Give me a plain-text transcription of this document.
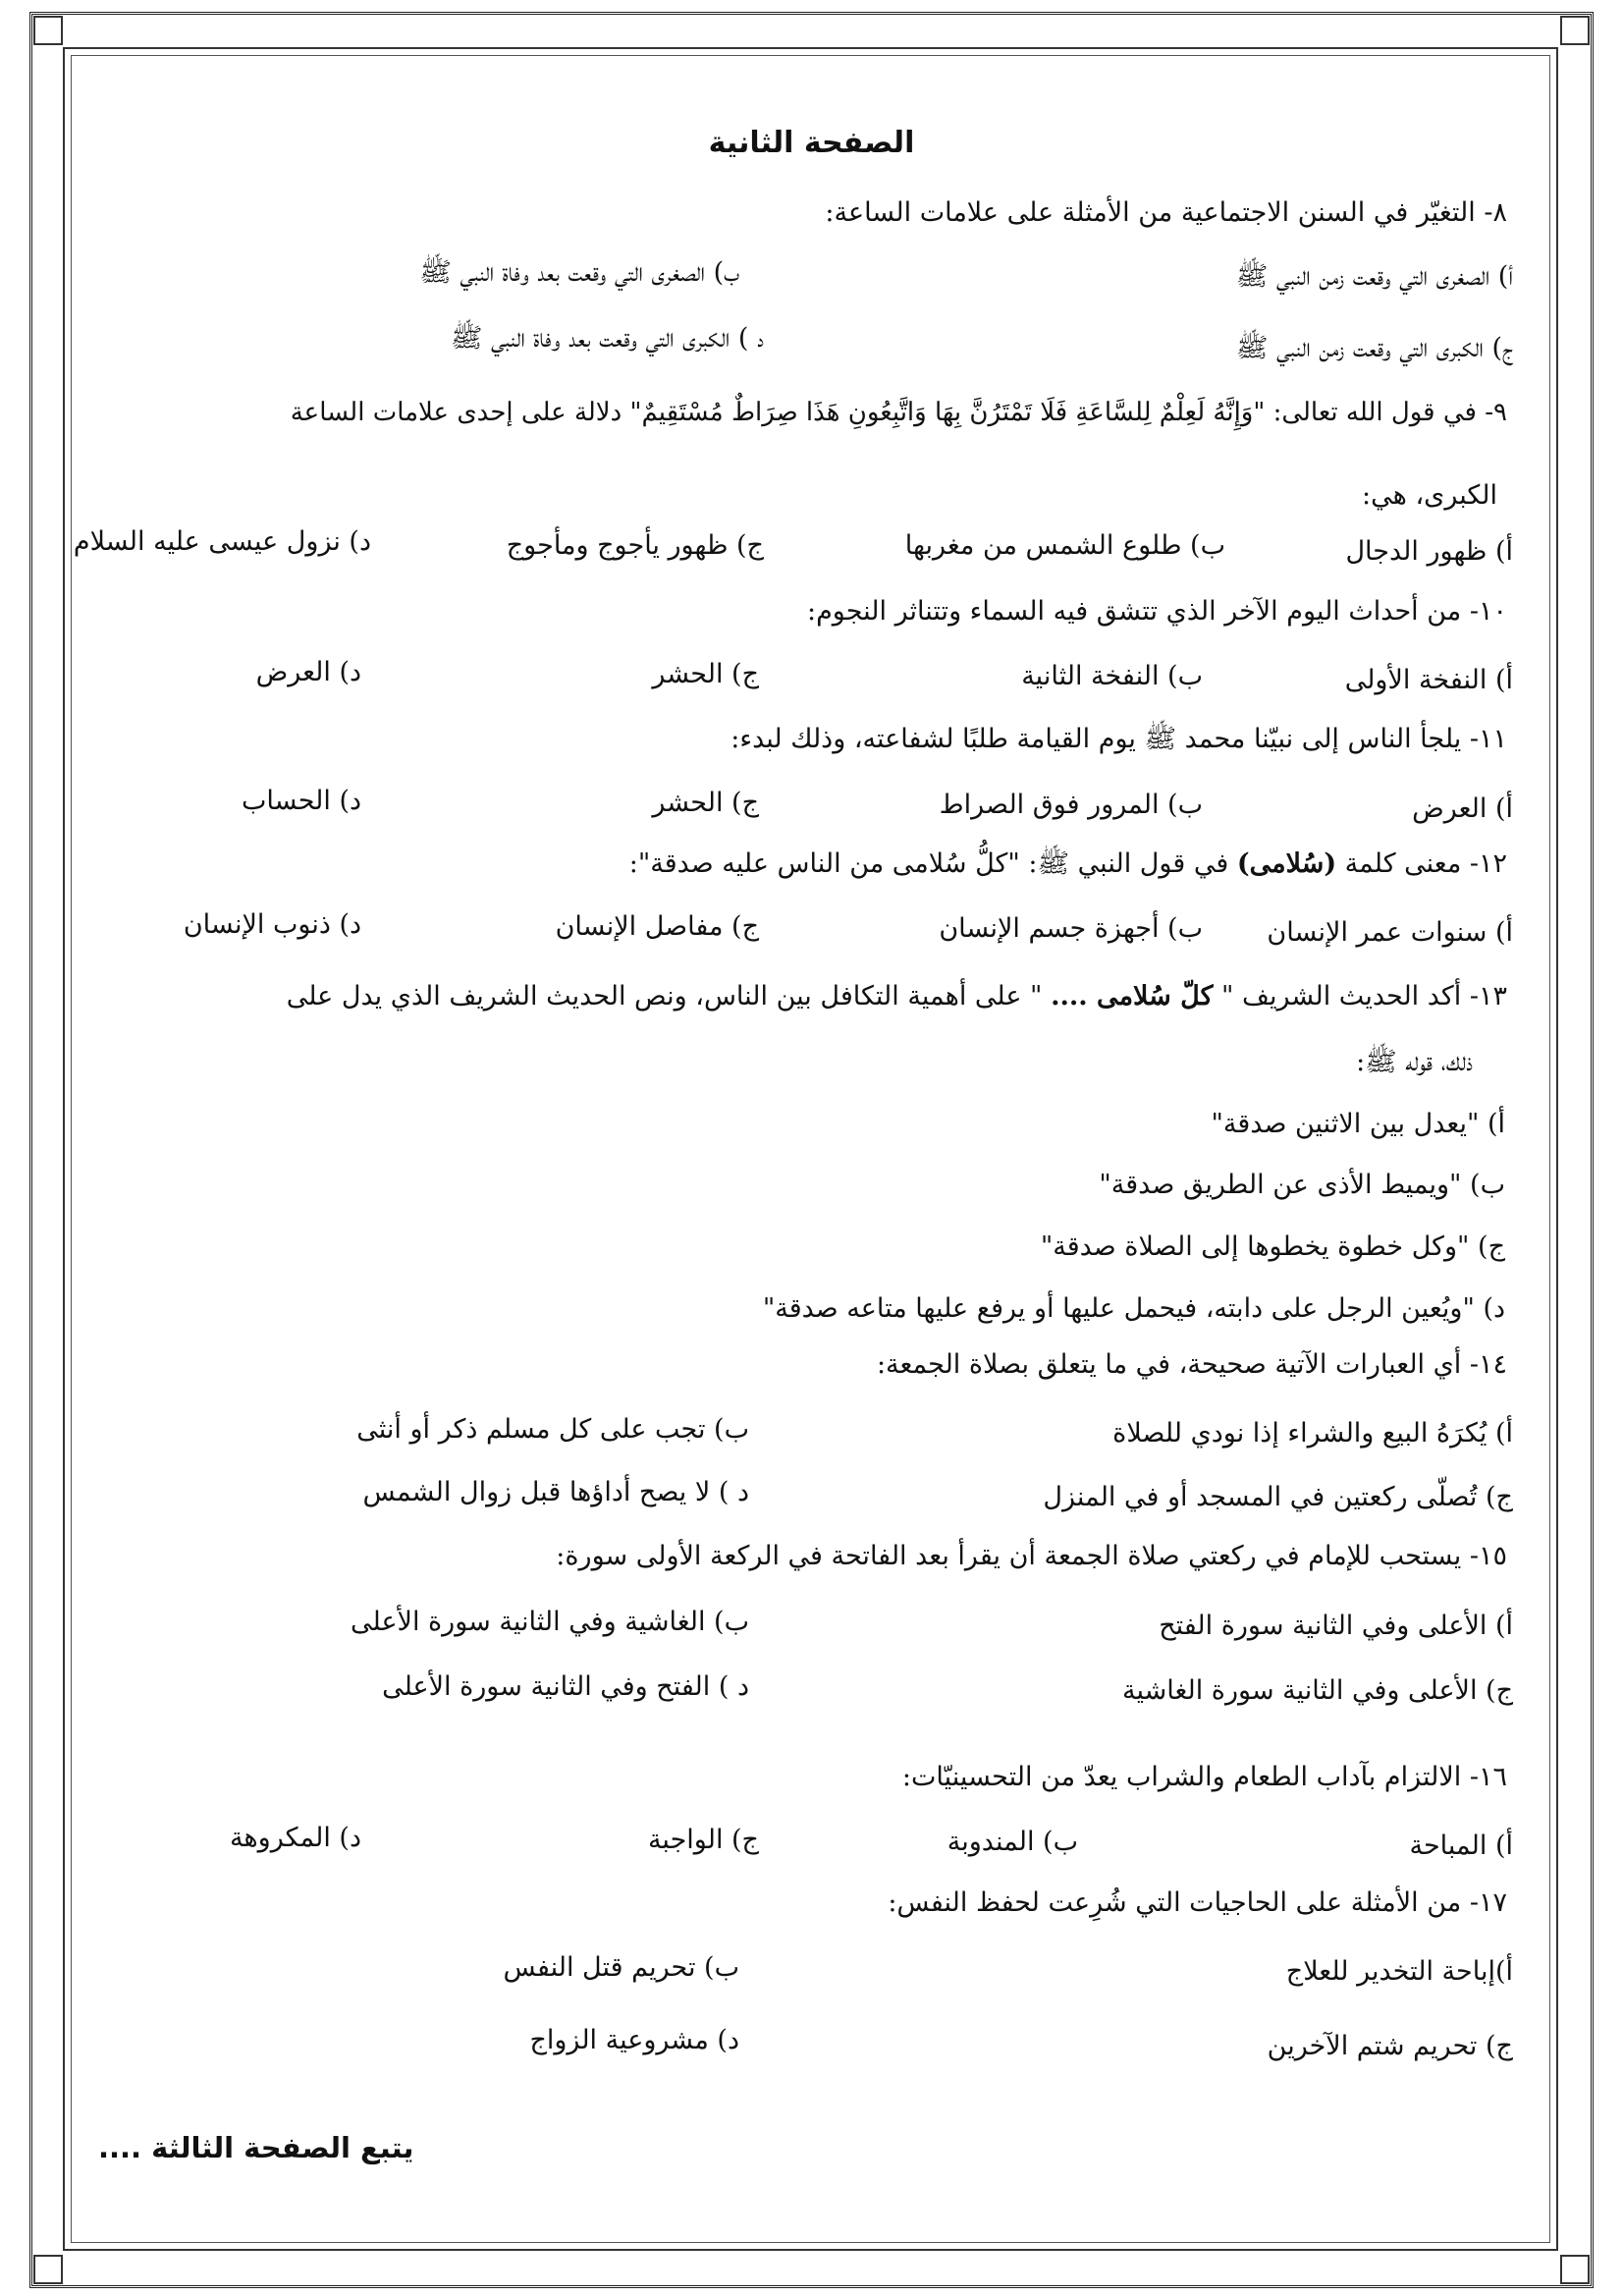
الصفحة الثانية
٨- التغيّر في السنن الاجتماعية من الأمثلة على علامات الساعة:
أ) الصغرى التي وقعت زمن النبي ﷺ
ب) الصغرى التي وقعت بعد وفاة النبي ﷺ
ج) الكبرى التي وقعت زمن النبي ﷺ
د ) الكبرى التي وقعت بعد وفاة النبي ﷺ
٩- في قول الله تعالى: "وَإِنَّهُ لَعِلْمٌ لِلسَّاعَةِ فَلَا تَمْتَرُنَّ بِهَا وَاتَّبِعُونِ هَذَا صِرَاطٌ مُسْتَقِيمٌ" دلالة على إحدى علامات الساعة
الكبرى، هي:
أ) ظهور الدجال
ب) طلوع الشمس من مغربها
ج) ظهور يأجوج ومأجوج
د) نزول عيسى عليه السلام
١٠- من أحداث اليوم الآخر الذي تتشق فيه السماء وتتناثر النجوم:
أ) النفخة الأولى
ب) النفخة الثانية
ج) الحشر
د) العرض
١١- يلجأ الناس إلى نبيّنا محمد ﷺ يوم القيامة طلبًا لشفاعته، وذلك لبدء:
أ) العرض
ب) المرور فوق الصراط
ج) الحشر
د) الحساب
١٢- معنى كلمة (سُلامى) في قول النبي ﷺ: "كلُّ سُلامى من الناس عليه صدقة":
أ) سنوات عمر الإنسان
ب) أجهزة جسم الإنسان
ج) مفاصل الإنسان
د) ذنوب الإنسان
١٣- أكد الحديث الشريف " كلّ سُلامى .... " على أهمية التكافل بين الناس، ونص الحديث الشريف الذي يدل على
ذلك، قوله ﷺ:
أ) "يعدل بين الاثنين صدقة"
ب) "ويميط الأذى عن الطريق صدقة"
ج) "وكل خطوة يخطوها إلى الصلاة صدقة"
د) "ويُعين الرجل على دابته، فيحمل عليها أو يرفع عليها متاعه صدقة"
١٤- أي العبارات الآتية صحيحة، في ما يتعلق بصلاة الجمعة:
أ) يُكرَهُ البيع والشراء إذا نودي للصلاة
ب) تجب على كل مسلم ذكر أو أنثى
ج) تُصلّى ركعتين في المسجد أو في المنزل
د ) لا يصح أداؤها قبل زوال الشمس
١٥- يستحب للإمام في ركعتي صلاة الجمعة أن يقرأ بعد الفاتحة في الركعة الأولى سورة:
أ) الأعلى وفي الثانية سورة الفتح
ب) الغاشية وفي الثانية سورة الأعلى
ج) الأعلى وفي الثانية سورة الغاشية
د ) الفتح وفي الثانية سورة الأعلى
١٦- الالتزام بآداب الطعام والشراب يعدّ من التحسينيّات:
أ) المباحة
ب) المندوبة
ج) الواجبة
د) المكروهة
١٧- من الأمثلة على الحاجيات التي شُرِعت لحفظ النفس:
أ)إباحة التخدير للعلاج
ب) تحريم قتل النفس
ج) تحريم شتم الآخرين
د) مشروعية الزواج
يتبع الصفحة الثالثة ....
